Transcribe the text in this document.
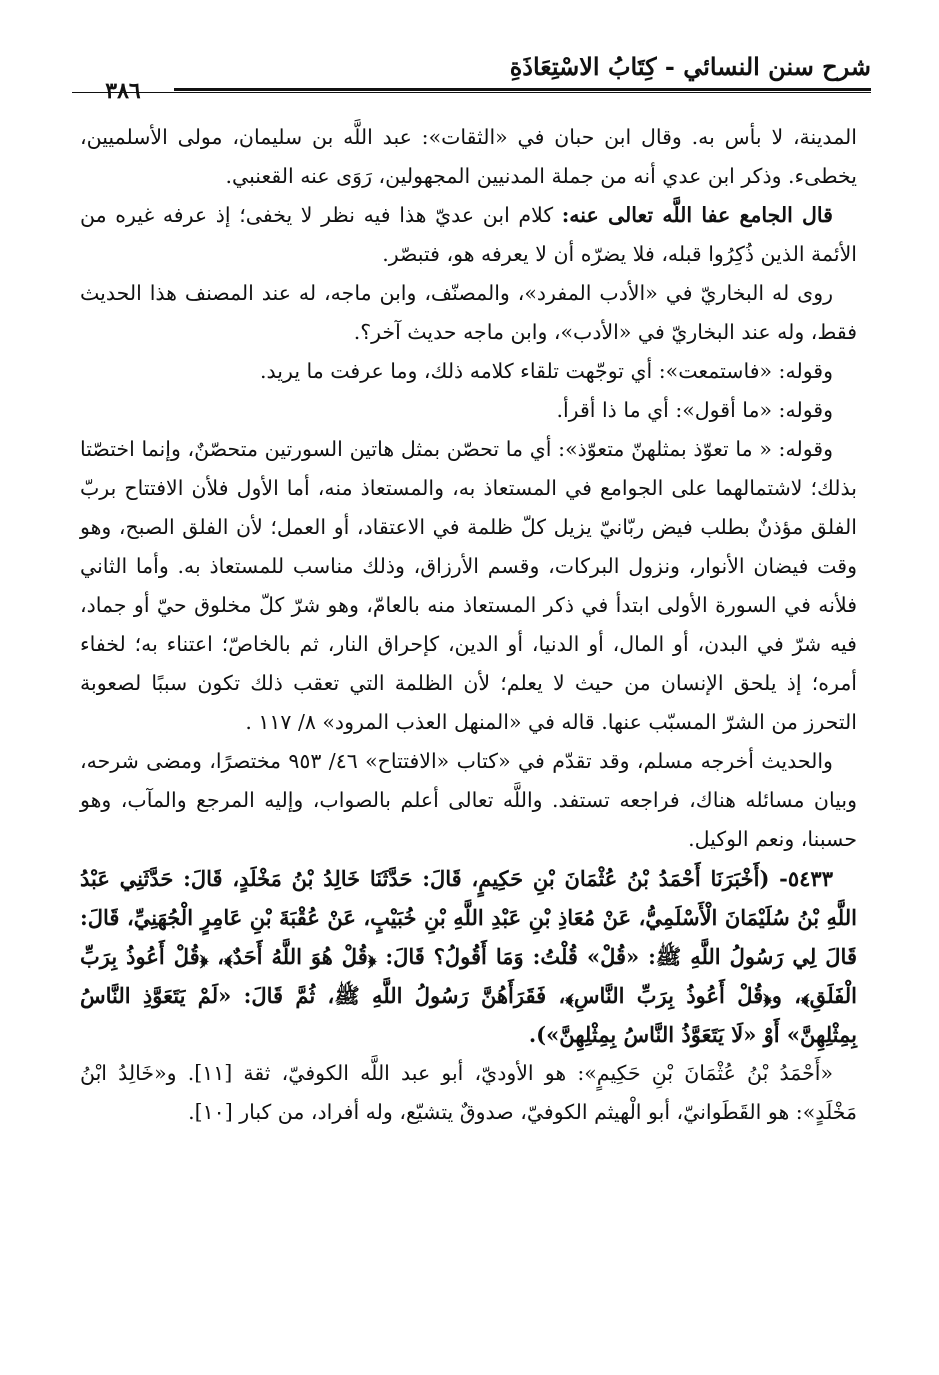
شرح سنن النسائي - كِتَابُ الاسْتِعَاذَةِ
٣٨٦

المدينة، لا بأس به. وقال ابن حبان في «الثقات»: عبد اللَّه بن سليمان، مولى الأسلميين، يخطىء. وذكر ابن عدي أنه من جملة المدنيين المجهولين، رَوَى عنه القعنبي.

قال الجامع عفا اللَّه تعالى عنه: كلام ابن عديّ هذا فيه نظر لا يخفى؛ إذ عرفه غيره من الأئمة الذين ذُكِرُوا قبله، فلا يضرّه أن لا يعرفه هو، فتبصّر.

روى له البخاريّ في «الأدب المفرد»، والمصنّف، وابن ماجه، له عند المصنف هذا الحديث فقط، وله عند البخاريّ في «الأدب»، وابن ماجه حديث آخر؟.

وقوله: «فاستمعت»: أي توجّهت تلقاء كلامه ذلك، وما عرفت ما يريد.

وقوله: «ما أقول»: أي ما ذا أقرأ.

وقوله: « ما تعوّذ بمثلهنّ متعوّذ»: أي ما تحصّن بمثل هاتين السورتين متحصّنٌ، وإنما اختصّتا بذلك؛ لاشتمالهما على الجوامع في المستعاذ به، والمستعاذ منه، أما الأول فلأن الافتتاح بربّ الفلق مؤذنٌ بطلب فيض ربّانيّ يزيل كلّ ظلمة في الاعتقاد، أو العمل؛ لأن الفلق الصبح، وهو وقت فيضان الأنوار، ونزول البركات، وقسم الأرزاق، وذلك مناسب للمستعاذ به. وأما الثاني فلأنه في السورة الأولى ابتدأ في ذكر المستعاذ منه بالعامّ، وهو شرّ كلّ مخلوق حيّ أو جماد، فيه شرّ في البدن، أو المال، أو الدنيا، أو الدين، كإحراق النار، ثم بالخاصّ؛ اعتناء به؛ لخفاء أمره؛ إذ يلحق الإنسان من حيث لا يعلم؛ لأن الظلمة التي تعقب ذلك تكون سببًا لصعوبة التحرز من الشرّ المسبّب عنها. قاله في «المنهل العذب المرود» ٨/ ١١٧ .

والحديث أخرجه مسلم، وقد تقدّم في «كتاب «الافتتاح» ٤٦/ ٩٥٣ مختصرًا، ومضى شرحه، وبيان مسائله هناك، فراجعه تستفد. واللَّه تعالى أعلم بالصواب، وإليه المرجع والمآب، وهو حسبنا، ونعم الوكيل.

٥٤٣٣- (أَخْبَرَنَا أَحْمَدُ بْنُ عُثْمَانَ بْنِ حَكِيمٍ، قَالَ: حَدَّثَنَا خَالِدُ بْنُ مَخْلَدٍ، قَالَ: حَدَّثَنِي عَبْدُ اللَّهِ بْنُ سُلَيْمَانَ الْأَسْلَمِيُّ، عَنْ مُعَاذِ بْنِ عَبْدِ اللَّهِ بْنِ خُبَيْبٍ، عَنْ عُقْبَةَ بْنِ عَامِرٍ الْجُهَنِيِّ، قَالَ: قَالَ لِي رَسُولُ اللَّهِ ﷺ: «قُلْ» قُلْتُ: وَمَا أَقُولُ؟ قَالَ: ﴿قُلْ هُوَ اللَّهُ أَحَدٌ﴾، ﴿قُلْ أَعُوذُ بِرَبِّ الْفَلَقِ﴾، و﴿قُلْ أَعُوذُ بِرَبِّ النَّاسِ﴾، فَقَرَأَهُنَّ رَسُولُ اللَّهِ ﷺ، ثُمَّ قَالَ: «لَمْ يَتَعَوَّذِ النَّاسُ بِمِثْلِهِنَّ» أَوْ «لَا يَتَعَوَّذُ النَّاسُ بِمِثْلِهِنَّ»).

«أَحْمَدُ بْنُ عُثْمَانَ بْنِ حَكِيمٍ»: هو الأوديّ، أبو عبد اللَّه الكوفيّ، ثقة [١١]. و«خَالِدُ ابْنُ مَخْلَدٍ»: هو القَطَوانيّ، أبو الْهيثم الكوفيّ، صدوقٌ يتشيّع، وله أفراد، من كبار [١٠].
